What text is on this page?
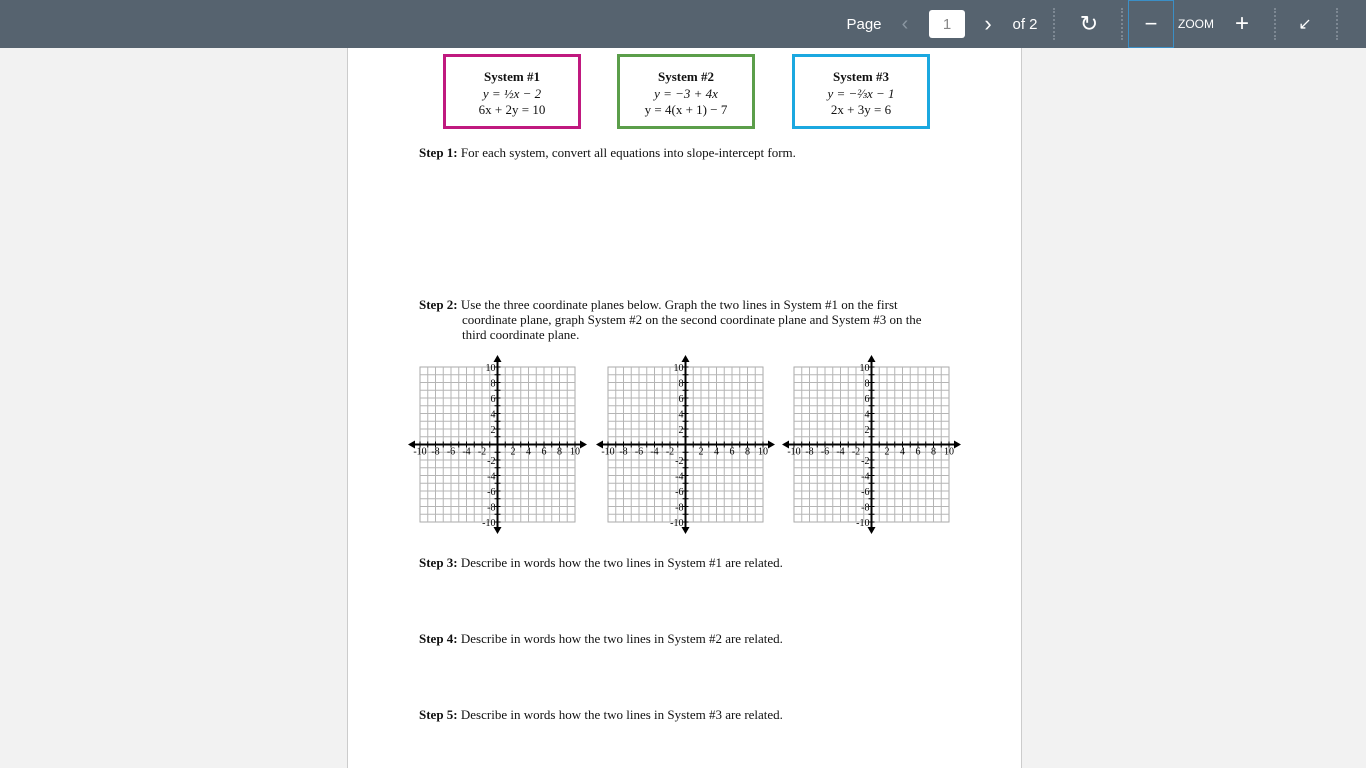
Page	‹
1	›	of 2 ↻ − ZOOM +	↙︎
System #1
y = ½x − 2
6x + 2y = 10
System #2
y = −3 + 4x
y = 4(x + 1) − 7
System #3
y = −⅔x − 1
2x + 3y = 6
Step 1: For each system, convert all equations into slope-intercept form.
Step 2: Use the three coordinate planes below. Graph the two lines in System #1 on the first coordinate plane, graph System #2 on the second coordinate plane and System #3 on the third coordinate plane.
-10
-10
-8
-8
-6
-6
-4
-4
-2
-2
2
2
4
4
6
6
8
8
10
10
-10
-10
-8
-8
-6
-6
-4
-4
-2
-2
2
2
4
4
6
6
8
8
10
10
-10
-10
-8
-8
-6
-6
-4
-4
-2
-2
2
2
4
4
6
6
8
8
10
10
Step 3: Describe in words how the two lines in System #1 are related.
Step 4: Describe in words how the two lines in System #2 are related.
Step 5: Describe in words how the two lines in System #3 are related.
